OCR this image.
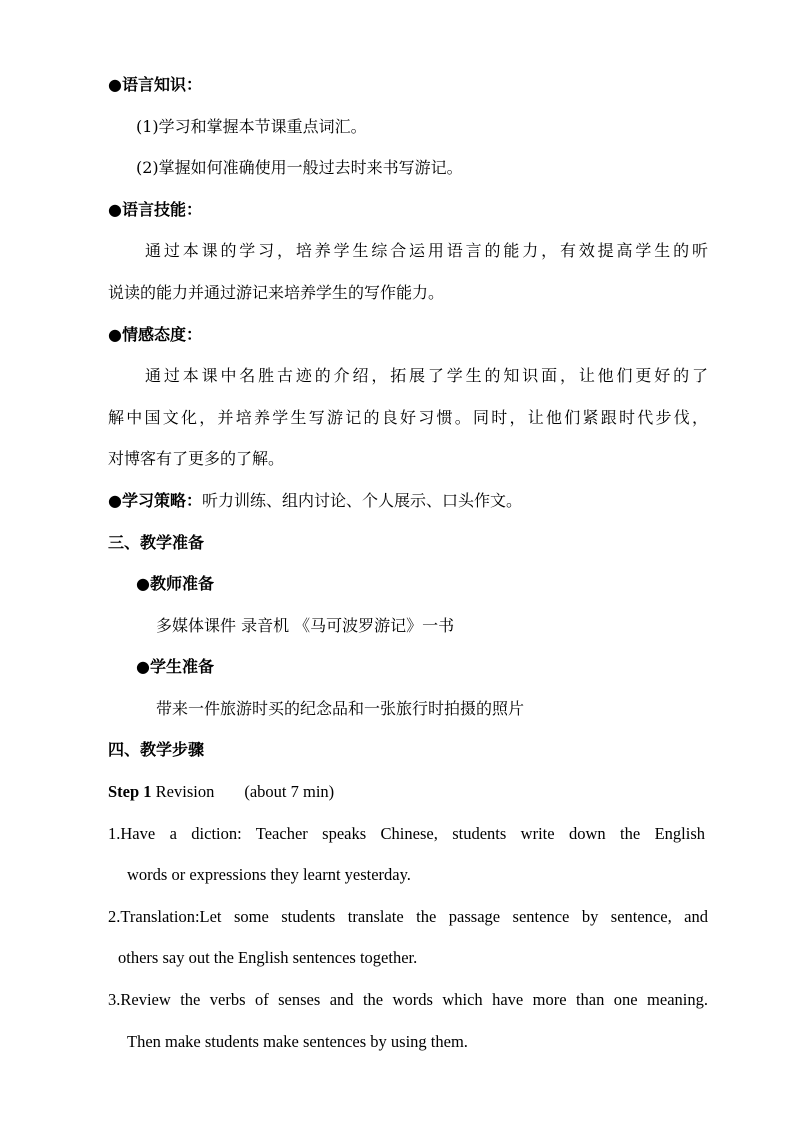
●语言知识：
(1)学习和掌握本节课重点词汇。
(2)掌握如何准确使用一般过去时来书写游记。
●语言技能：
通过本课的学习，培养学生综合运用语言的能力，有效提高学生的听
说读的能力并通过游记来培养学生的写作能力。
●情感态度：
通过本课中名胜古迹的介绍，拓展了学生的知识面，让他们更好的了
解中国文化，并培养学生写游记的良好习惯。同时，让他们紧跟时代步伐，
对博客有了更多的了解。
●学习策略：听力训练、组内讨论、个人展示、口头作文。
三、教学准备
●教师准备
多媒体课件 录音机 《马可波罗游记》一书
●学生准备
带来一件旅游时买的纪念品和一张旅行时拍摄的照片
四、教学步骤
Step 1 Revision (about 7 min)
1.Have a diction: Teacher speaks Chinese, students write down the English
words or expressions they learnt yesterday.
2.Translation:Let some students translate the passage sentence by sentence, and
others say out the English sentences together.
3.Review the verbs of senses and the words which have more than one meaning.
Then make students make sentences by using them.
